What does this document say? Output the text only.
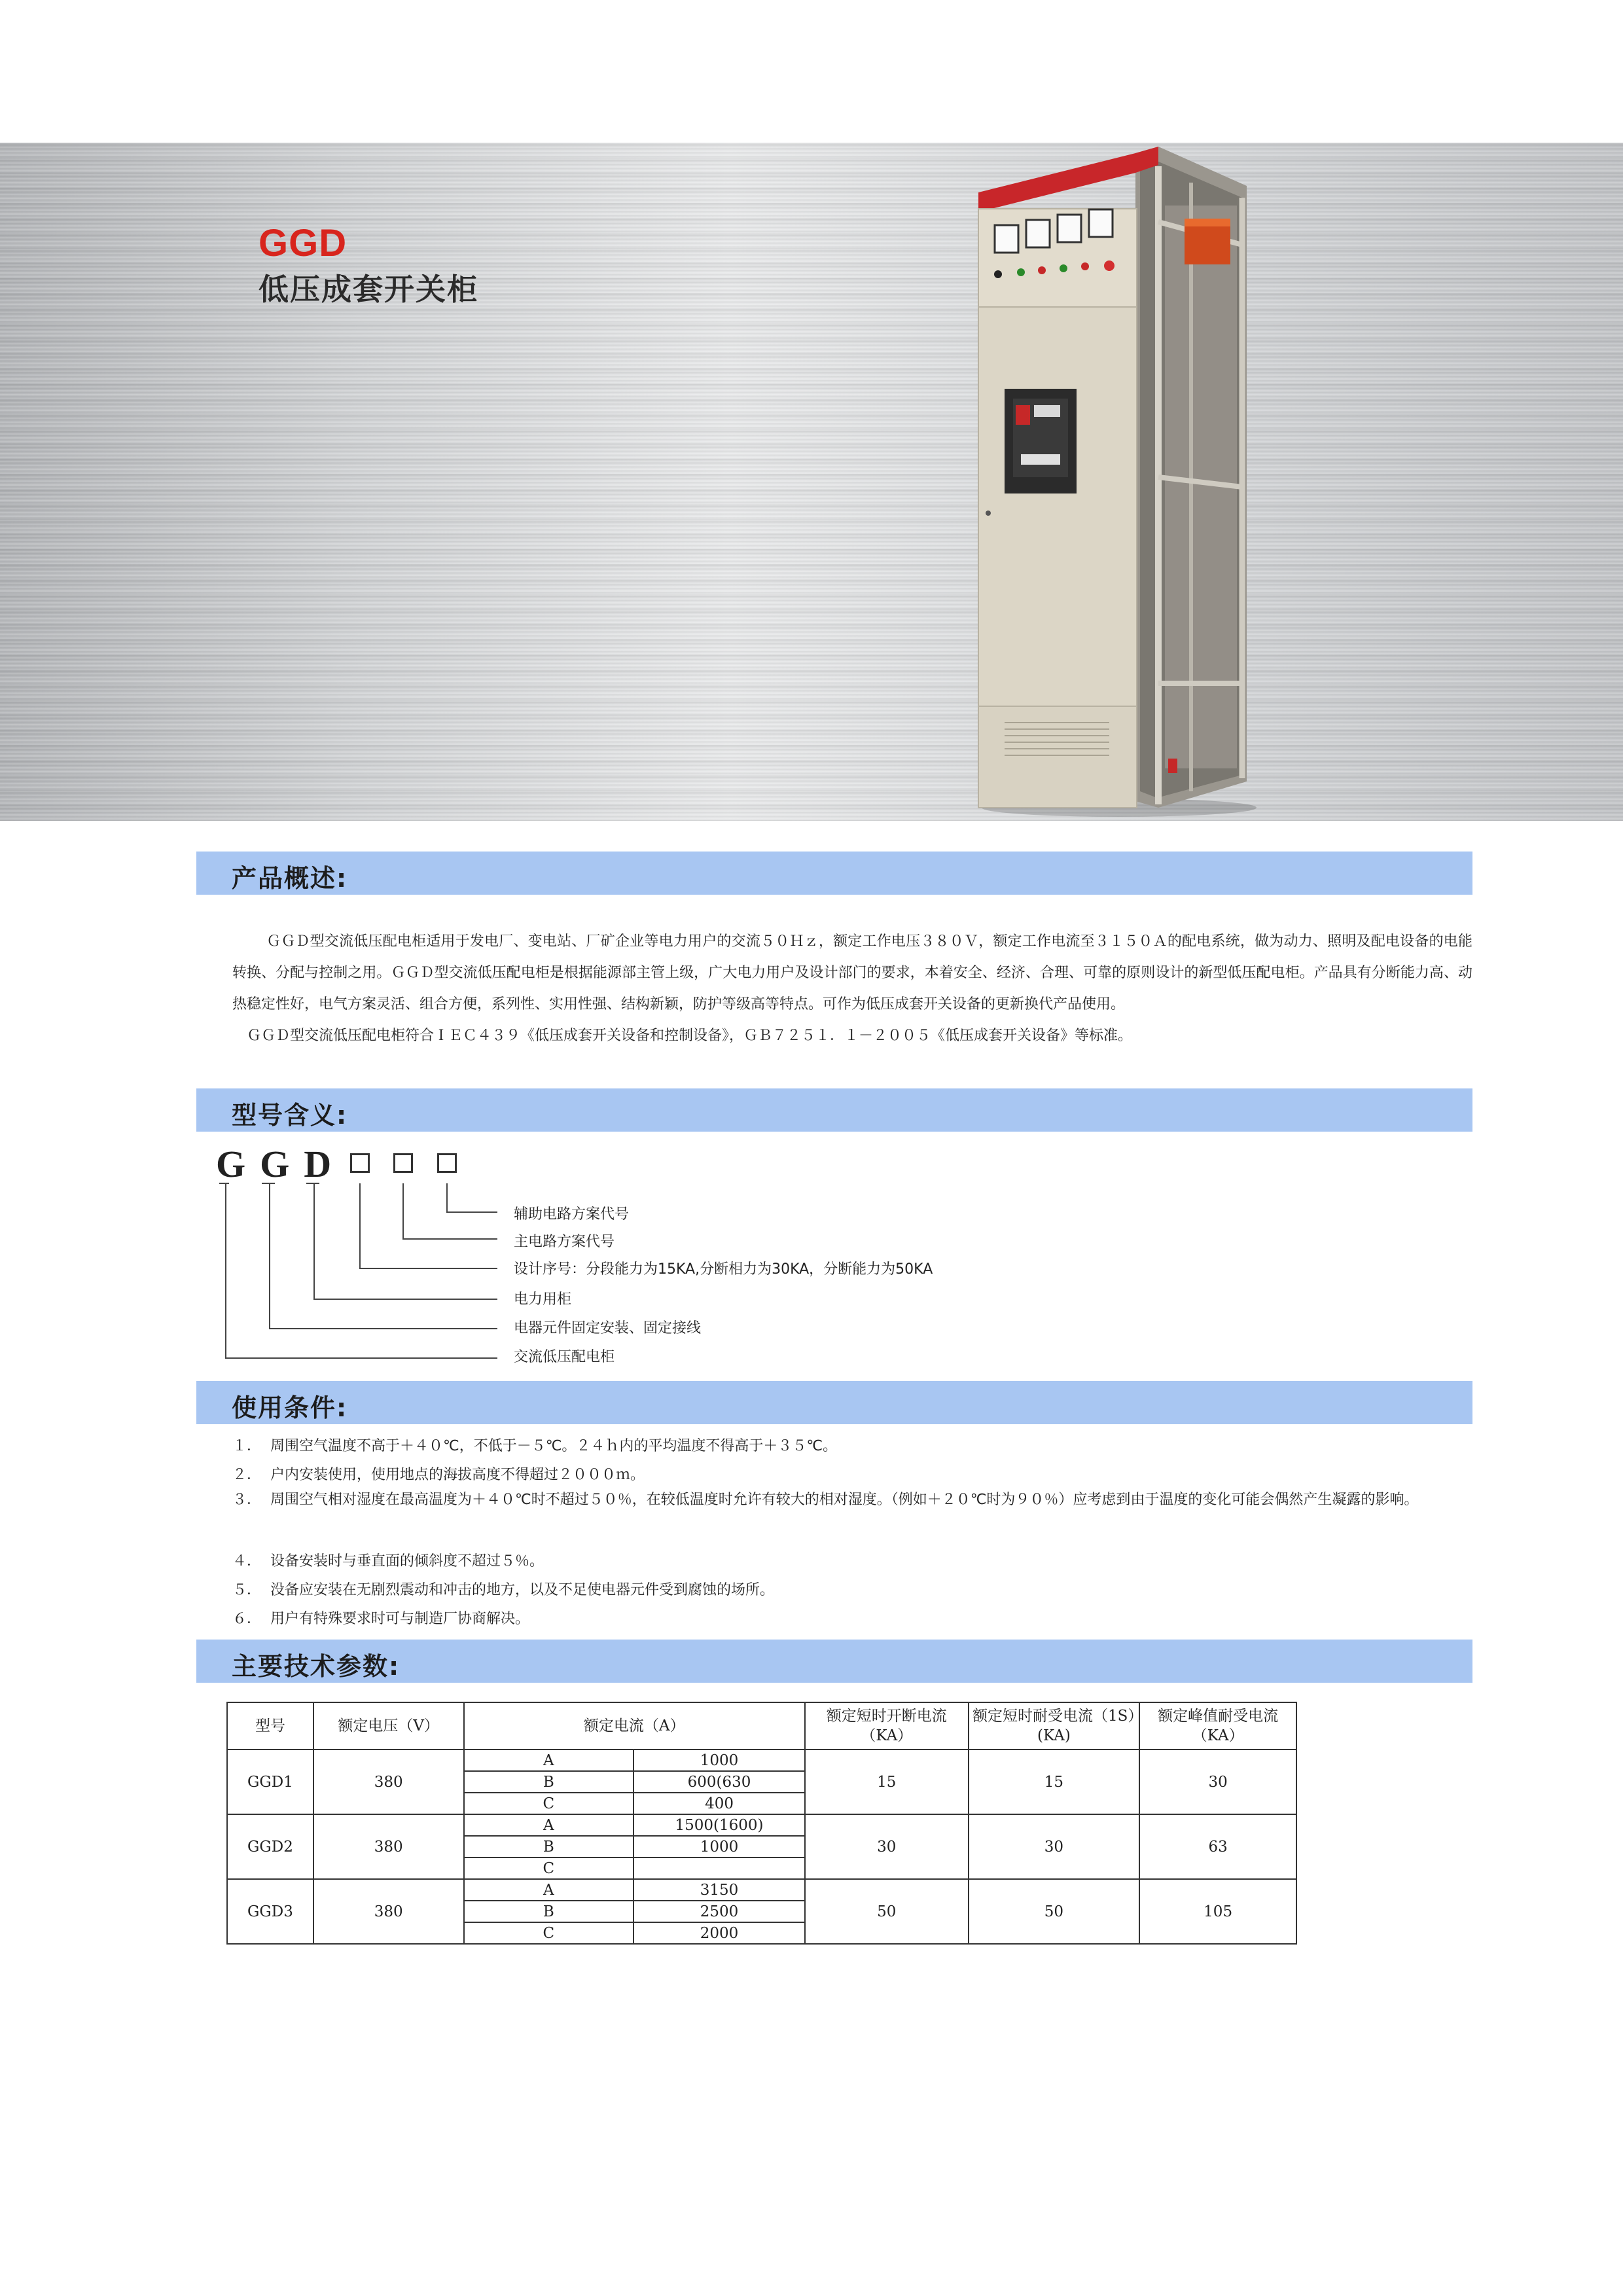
GGD
低压成套开关柜
产品概述:

ＧＧＤ型交流低压配电柜适用于发电厂、变电站、厂矿企业等电力用户的交流５０Ｈｚ，额定工作电压３８０Ｖ，额定工作电流至３１５０Ａ的配电系统，做为动力、照明及配电设备的电能转换、分配与控制之用。ＧＧＤ型交流低压配电柜是根据能源部主管上级，广大电力用户及设计部门的要求，本着安全、经济、合理、可靠的原则设计的新型低压配电柜。产品具有分断能力高、动热稳定性好，电气方案灵活、组合方便，系列性、实用性强、结构新颖，防护等级高等特点。可作为低压成套开关设备的更新换代产品使用。

ＧＧＤ型交流低压配电柜符合ＩＥＣ４３９《低压成套开关设备和控制设备》，ＧＢ７２５１．１－２００５《低压成套开关设备》等标准。

型号含义:
GGD
辅助电路方案代号
主电路方案代号
设计序号：分段能力为15KA,分断相力为30KA，分断能力为50KA
电力用柜
电器元件固定安装、固定接线
交流低压配电柜
使用条件:
１． 周围空气温度不高于＋４０℃，不低于－５℃。２４ｈ内的平均温度不得高于＋３５℃。
２． 户内安装使用，使用地点的海拔高度不得超过２０００ｍ。
３． 周围空气相对湿度在最高温度为＋４０℃时不超过５０％，在较低温度时允许有较大的相对湿度。（例如＋２０℃时为９０％）应考虑到由于温度的变化可能会偶然产生凝露的影响。
４． 设备安装时与垂直面的倾斜度不超过５％。
５． 没备应安装在无剧烈震动和冲击的地方，以及不足使电器元件受到腐蚀的场所。
６． 用户有特殊要求时可与制造厂协商解决。
主要技术参数:
型号	额定电压（V）	额定电流（A）		额定短时开断电流（KA）	额定短时耐受电流（1S）(KA)	额定峰值耐受电流（KA）
GGD1	380	A	1000	15	15	30
		B	600(630			
		C	400			
GGD2	380	A	1500(1600)	30	30	63
		B	1000			
		C				
GGD3	380	A	3150	50	50	105
		B	2500			
		C	2000			
